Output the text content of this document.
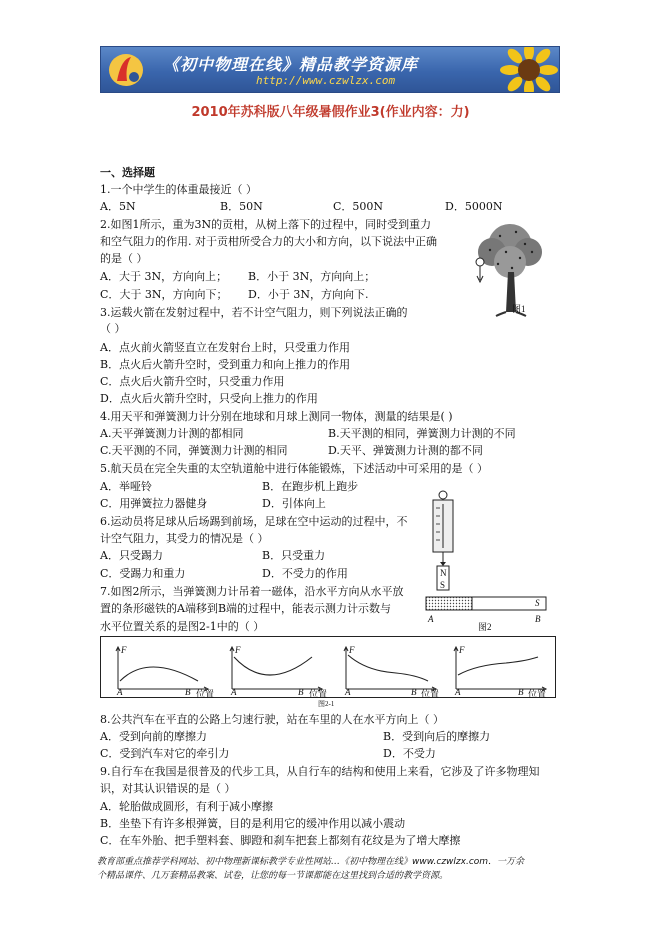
《初中物理在线》精品教学资源库
http://www.czwlzx.com
2010年苏科版八年级暑假作业3(作业内容：力)
一、选择题
1.一个中学生的体重最接近（ ）
A．5N	B．50N	C．500N	D．5000N
2.如图1所示，重为3N的贡柑，从树上落下的过程中，同时受到重力
和空气阻力的作用. 对于贡柑所受合力的大小和方向，以下说法中正确
的是（ ）
A．大于 3N，方向向上； B．小于 3N，方向向上；
C．大于 3N，方向向下； D．小于 3N，方向向下.
图1
3.运载火箭在发射过程中，若不计空气阻力，则下列说法正确的
（ ）
A．点火前火箭竖直立在发射台上时，只受重力作用
B．点火后火箭升空时，受到重力和向上推力的作用
C．点火后火箭升空时，只受重力作用
D．点火后火箭升空时，只受向上推力的作用
4.用天平和弹簧测力计分别在地球和月球上测同一物体，测量的结果是( )
A.天平弹簧测力计测的都相同	B.天平测的相同，弹簧测力计测的不同
C.天平测的不同，弹簧测力计测的相同	D.天平、弹簧测力计测的都不同
5.航天员在完全失重的太空轨道舱中进行体能锻炼，下述活动中可采用的是（ ）
A．举哑铃	B．在跑步机上跑步
C．用弹簧拉力器健身	D．引体向上
6.运动员将足球从后场踢到前场，足球在空中运动的过程中，不
计空气阻力，其受力的情况是（ ）
A．只受踢力	B．只受重力
C．受踢力和重力	D．不受力的作用	N
S
7.如图2所示，当弹簧测力计吊着一磁体，沿水平方向从水平放
置的条形磁铁的A端移到B端的过程中，能表示测力计示数与
水平位置关系的是图2-1中的（ ）
S
A	B
图2
F	F	F	F
A	B 位置 A	B 位置 A	B 位置 A	B 位置
图2-1
8.公共汽车在平直的公路上匀速行驶，站在车里的人在水平方向上（ ）
A．受到向前的摩擦力	B．受到向后的摩擦力
C．受到汽车对它的牵引力	D．不受力
9.自行车在我国是很普及的代步工具，从自行车的结构和使用上来看，它涉及了许多物理知
识，对其认识错误的是（ ）
A．轮胎做成圆形，有利于减小摩擦
B．坐垫下有许多根弹簧，目的是利用它的缓冲作用以减小震动
C．在车外胎、把手塑料套、脚蹬和刹车把套上都刻有花纹是为了增大摩擦
教育部重点推荐学科网站、初中物理新课标教学专业性网站…《初中物理在线》www.czwlzx.com．一万余
个精品课件、几万套精品教案、试卷，让您的每一节课都能在这里找到合适的教学资源。
